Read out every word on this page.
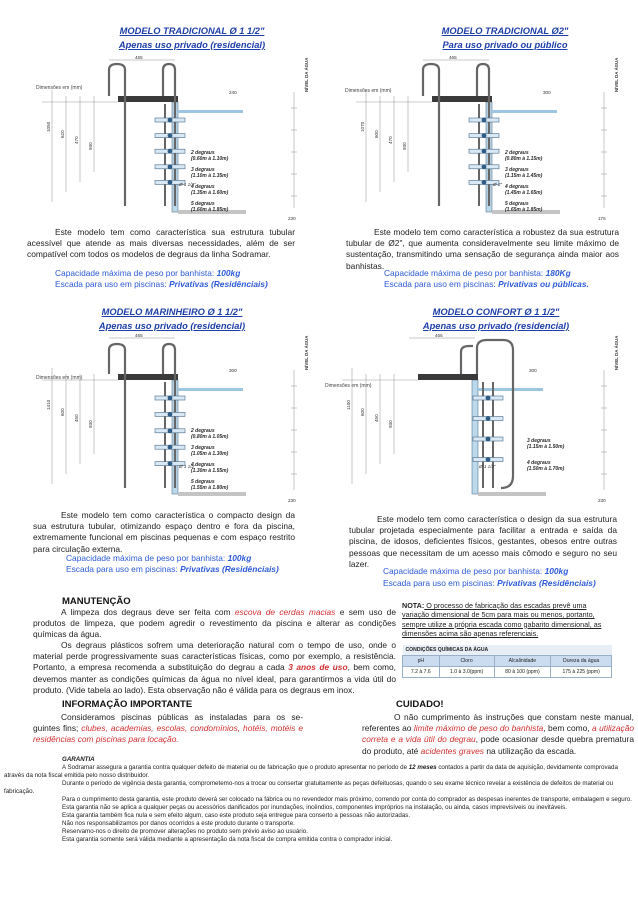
MODELO TRADICIONAL Ø 1 1/2"
Apenas uso privado (residencial)
Dimensões em (mm)
2 degraus (0.60m à 1.10m)
3 degraus (1.10m à 1.35m)
4 degraus (1.35m à 1.60m)
5 degraus (1.60m à 1.85m)
465
240
1050
620
470
930
NÍVEL DA ÁGUA
Ø 1 1/2"
230
Este modelo tem como característica sua estrutura tubular acessível que atende as mais diversas necessidades, além de ser compatível com todos os modelos de degraus da linha Sodramar.
Capacidade máxima de peso por banhista: 100kg
Escada para uso em piscinas: Privativas (Residênciais)
MODELO TRADICIONAL Ø2"
Para uso privado ou público
Dimensões em (mm)
2 degraus (0.80m à 1.15m)
3 degraus (1.15m à 1.45m)
4 degraus (1.45m à 1.65m)
5 degraus (1.65m à 1.85m)
465
300
1070
600
470
930
NÍVEL DA ÁGUA
Ø 2"
175
Este modelo tem como característica a robustez da sua estrutura tubular de Ø2", que aumenta consideravelmente seu limite máximo de sustentação, transmitindo uma sensação de segurança ainda maior aos banhistas.
Capacidade máxima de peso por banhista: 180Kg
Escada para uso em piscinas: Privativas ou públicas.
MODELO MARINHEIRO Ø 1 1/2"
Apenas uso privado (residencial)
Dimensões em (mm)
2 degraus (0.80m à 1.05m)
3 degraus (1.05m à 1.30m)
4 degraus (1.30m à 1.55m)
5 degraus (1.55m à 1.80m)
465
300
1410
600
450
930
NÍVEL DA ÁGUA
Ø 1 1/2"
230
Este modelo tem como característica o compacto design da sua estrutura tubular, otimizando espaço dentro e fora da piscina, extremamente funcional em piscinas pequenas e com espaço restrito para circulação externa.
Capacidade máxima de peso por banhista: 100kg
Escada para uso em piscinas: Privativas (Residênciais)
MODELO CONFORT Ø 1 1/2"
Apenas uso privado (residencial)
Dimensões em (mm)
3 degraus (1.15m à 1.50m)
4 degraus (1.50m à 1.70m)
465
300
1100
600
450
930
NÍVEL DA ÁGUA
Ø 1 1/2"
230
Este modelo tem como característica o design da sua estrutura tubular projetada especialmente para facilitar a entrada e saída da piscina, de idosos, deficientes físicos, gestantes, obesos entre outras pessoas que necessitam de um acesso mais cômodo e seguro no seu lazer.
Capacidade máxima de peso por banhista: 100kg
Escada para uso em piscinas: Privativas (Residênciais)
MANUTENÇÃO
A limpeza dos degraus deve ser feita com escova de cerdas macias e sem uso de produtos de limpeza, que podem agredir o revestimento da piscina e alterar as condições químicas da água.
Os degraus plásticos sofrem uma deterioração natural com o tempo de uso, onde o material perde progressivamente suas características físicas, como por exemplo, a resistência. Portanto, a empresa recomenda a substituição do degrau a cada 3 anos de uso, bem como, devemos manter as condições químicas da água no nível ideal, para garantirmos a vida útil do produto. (Vide tabela ao lado). Esta observação não é válida para os degraus em inox.
NOTA: O processo de fabricação das escadas prevê uma variação dimensional de 5cm para mais ou menos, portanto, sempre utilize a própria escada como gabarito dimensional, as dimensões acima são apenas referenciais.
CONDIÇÕES QUÍMICAS DA ÁGUA			
pH	Cloro	Alcalinidade	Dureza da água
7.2 à 7.6	1.0 à 3.0(ppm)	80 à 100 (ppm)	175 à 225 (ppm)
INFORMAÇÃO IMPORTANTE
Consideramos piscinas públicas as instaladas para os se- guintes fins; clubes, academias, escolas, condomínios, hotéis, motéis e residências com piscinas para locação.
CUIDADO!
O não cumprimento às instruções que constam neste manual, referentes ao limite máximo de peso do banhista, bem como, a utilização correta e a vida útil do degrau, pode ocasionar desde quebra prematura do produto, até acidentes graves na utilização da escada.
GARANTIA
A Sodramar assegura a garantia contra qualquer defeito de material ou de fabricação que o produto apresentar no período de 12 meses contados a partir da data de aquisição, devidamente comprovada através da nota fiscal emitida pelo nosso distribuidor.
Durante o período de vigência desta garantia, comprometemo-nos a trocar ou consertar gratuitamente as peças defeituosas, quando o seu exame técnico revelar a existência de defeitos de material ou fabricação.
Para o cumprimento desta garantia, este produto deverá ser colocado na fábrica ou no revendedor mais próximo, correndo por conta do comprador as despesas inerentes de transporte, embalagem e seguro.
Esta garantia não se aplica a qualquer peças ou acessórios danificados por inundações, incêndios, componentes impróprios na instalação, ou ainda, casos imprevisíveis ou inevitáveis.
Esta garantia também fica nula e sem efeito algum, caso este produto seja entregue para conserto a pessoas não autorizadas.
Não nos responsabilizamos por danos ocorridos a este produto durante o transporte.
Reservamo-nos o direito de promover alterações no produto sem prévio aviso ao usuário.
Esta garantia somente será válida mediante a apresentação da nota fiscal de compra emitida contra o comprador inicial.
